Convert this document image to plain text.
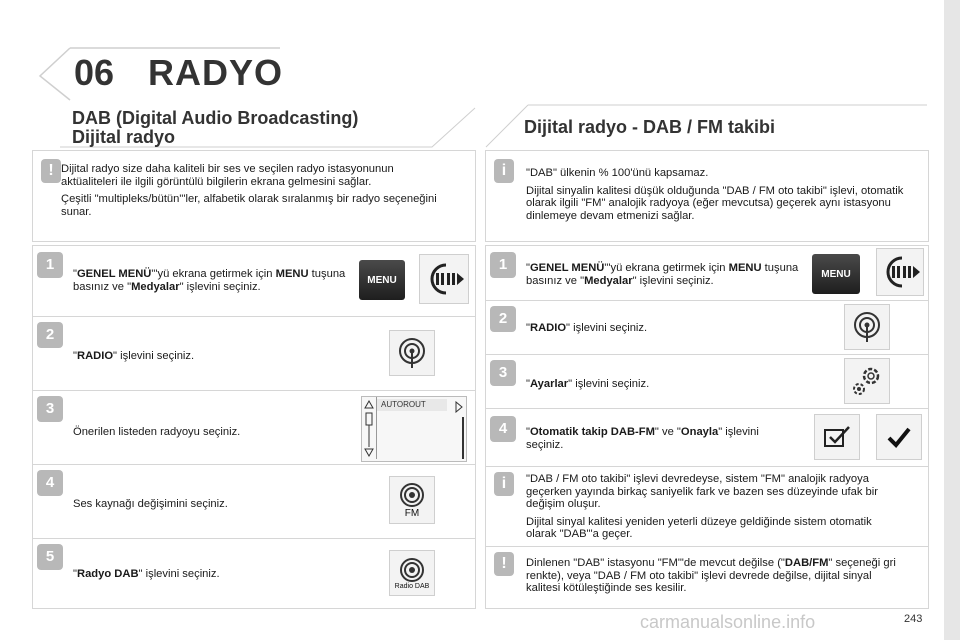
06 RADYO
DAB (Digital Audio Broadcasting)
Dijital radyo
! Dijital radyo size daha kaliteli bir ses ve seçilen radyo istasyonunun aktüaliteleri ile ilgili görüntülü bilgilerin ekrana gelmesini sağlar.

Çeşitli "multipleks/bütün"'ler, alfabetik olarak sıralanmış bir radyo seçeneğini sunar.

1
"GENEL MENÜ"'yü ekrana getirmek için MENU tuşuna basınız ve "Medyalar" işlevini seçiniz.
MENU
2
"RADIO" işlevini seçiniz.
3
Önerilen listeden radyoyu seçiniz.
AUTOROUT
4
Ses kaynağı değişimini seçiniz.
FM
5
"Radyo DAB" işlevini seçiniz.
Radio DAB
Dijital radyo - DAB / FM takibi
i	"DAB" ülkenin % 100'ünü kapsamaz.

Dijital sinyalin kalitesi düşük olduğunda "DAB / FM oto takibi" işlevi, otomatik olarak ilgili "FM" analojik radyoya (eğer mevcutsa) geçerek aynı istasyonu dinlemeye devam etmenizi sağlar.

1	"GENEL MENÜ"'yü ekrana getirmek için MENU tuşuna basınız ve "Medyalar" işlevini seçiniz.
MENU
2
"RADIO" işlevini seçiniz.
3
"Ayarlar" işlevini seçiniz.
4	"Otomatik takip DAB-FM" ve "Onayla" işlevini seçiniz.
i	"DAB / FM oto takibi" işlevi devredeyse, sistem "FM" analojik radyoya geçerken yayında birkaç saniyelik fark ve bazen ses düzeyinde ufak bir değişim oluşur.

Dijital sinyal kalitesi yeniden yeterli düzeye geldiğinde sistem otomatik olarak "DAB"'a geçer.

!	Dinlenen "DAB" istasyonu "FM"'de mevcut değilse ("DAB/FM" seçeneği gri renkte), veya "DAB / FM oto takibi" işlevi devrede değilse, dijital sinyal kalitesi kötüleştiğinde ses kesilir.
carmanualsonline.info	243
